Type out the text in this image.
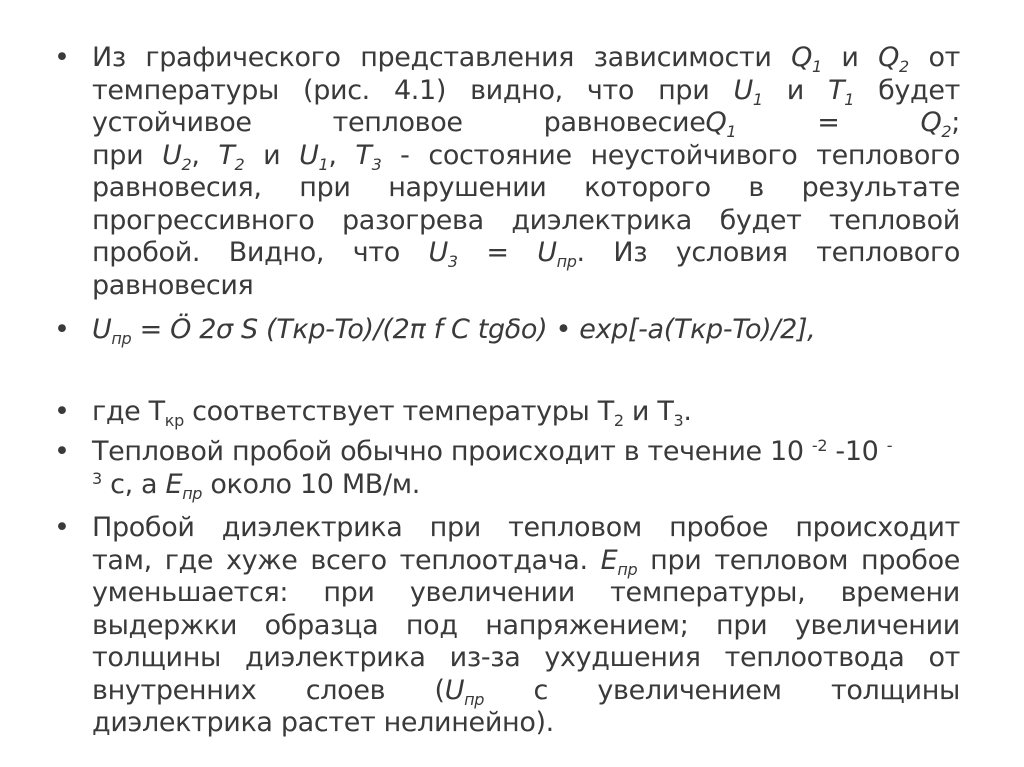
• Из графического представления зависимости $Q_1$ и $Q_2$ от
температуры (рис. 4.1) видно, что при $U_1$ и $T_1$ будет
устойчивое тепловое равновесиеQ$_1$ = $Q_2$;
при $U_2$, $T_2$ и $U_1$, $T_3$ - состояние неустойчивого теплового
равновесия, при нарушении которого в результате
прогрессивного разогрева диэлектрика будет тепловой
пробой. Видно, что $U_3 = U_{пр}$. Из условия теплового
равновесия
• $U_{пр}$ = Ö 2σ S (Tкр-To)/(2π f C tgδo) • exp[-a(Tкр-To)/2],
• где $Т_{кр}$ соответствует температуры $Т_2$ и $Т_3$.
• Тепловой пробой обычно происходит в течение 10 $^{-2}$ -10 -
$^3$ с, а $E_{пр}$ около 10 МВ/м.
• Пробой диэлектрика при тепловом пробое происходит
там, где хуже всего теплоотдача. $E_{пр}$ при тепловом пробое
уменьшается: при увеличении температуры, времени
выдержки образца под напряжением; при увеличении
толщины диэлектрика из-за ухудшения теплоотвода от
внутренних слоев ($U_{пр}$ с увеличением толщины
диэлектрика растет нелинейно).
